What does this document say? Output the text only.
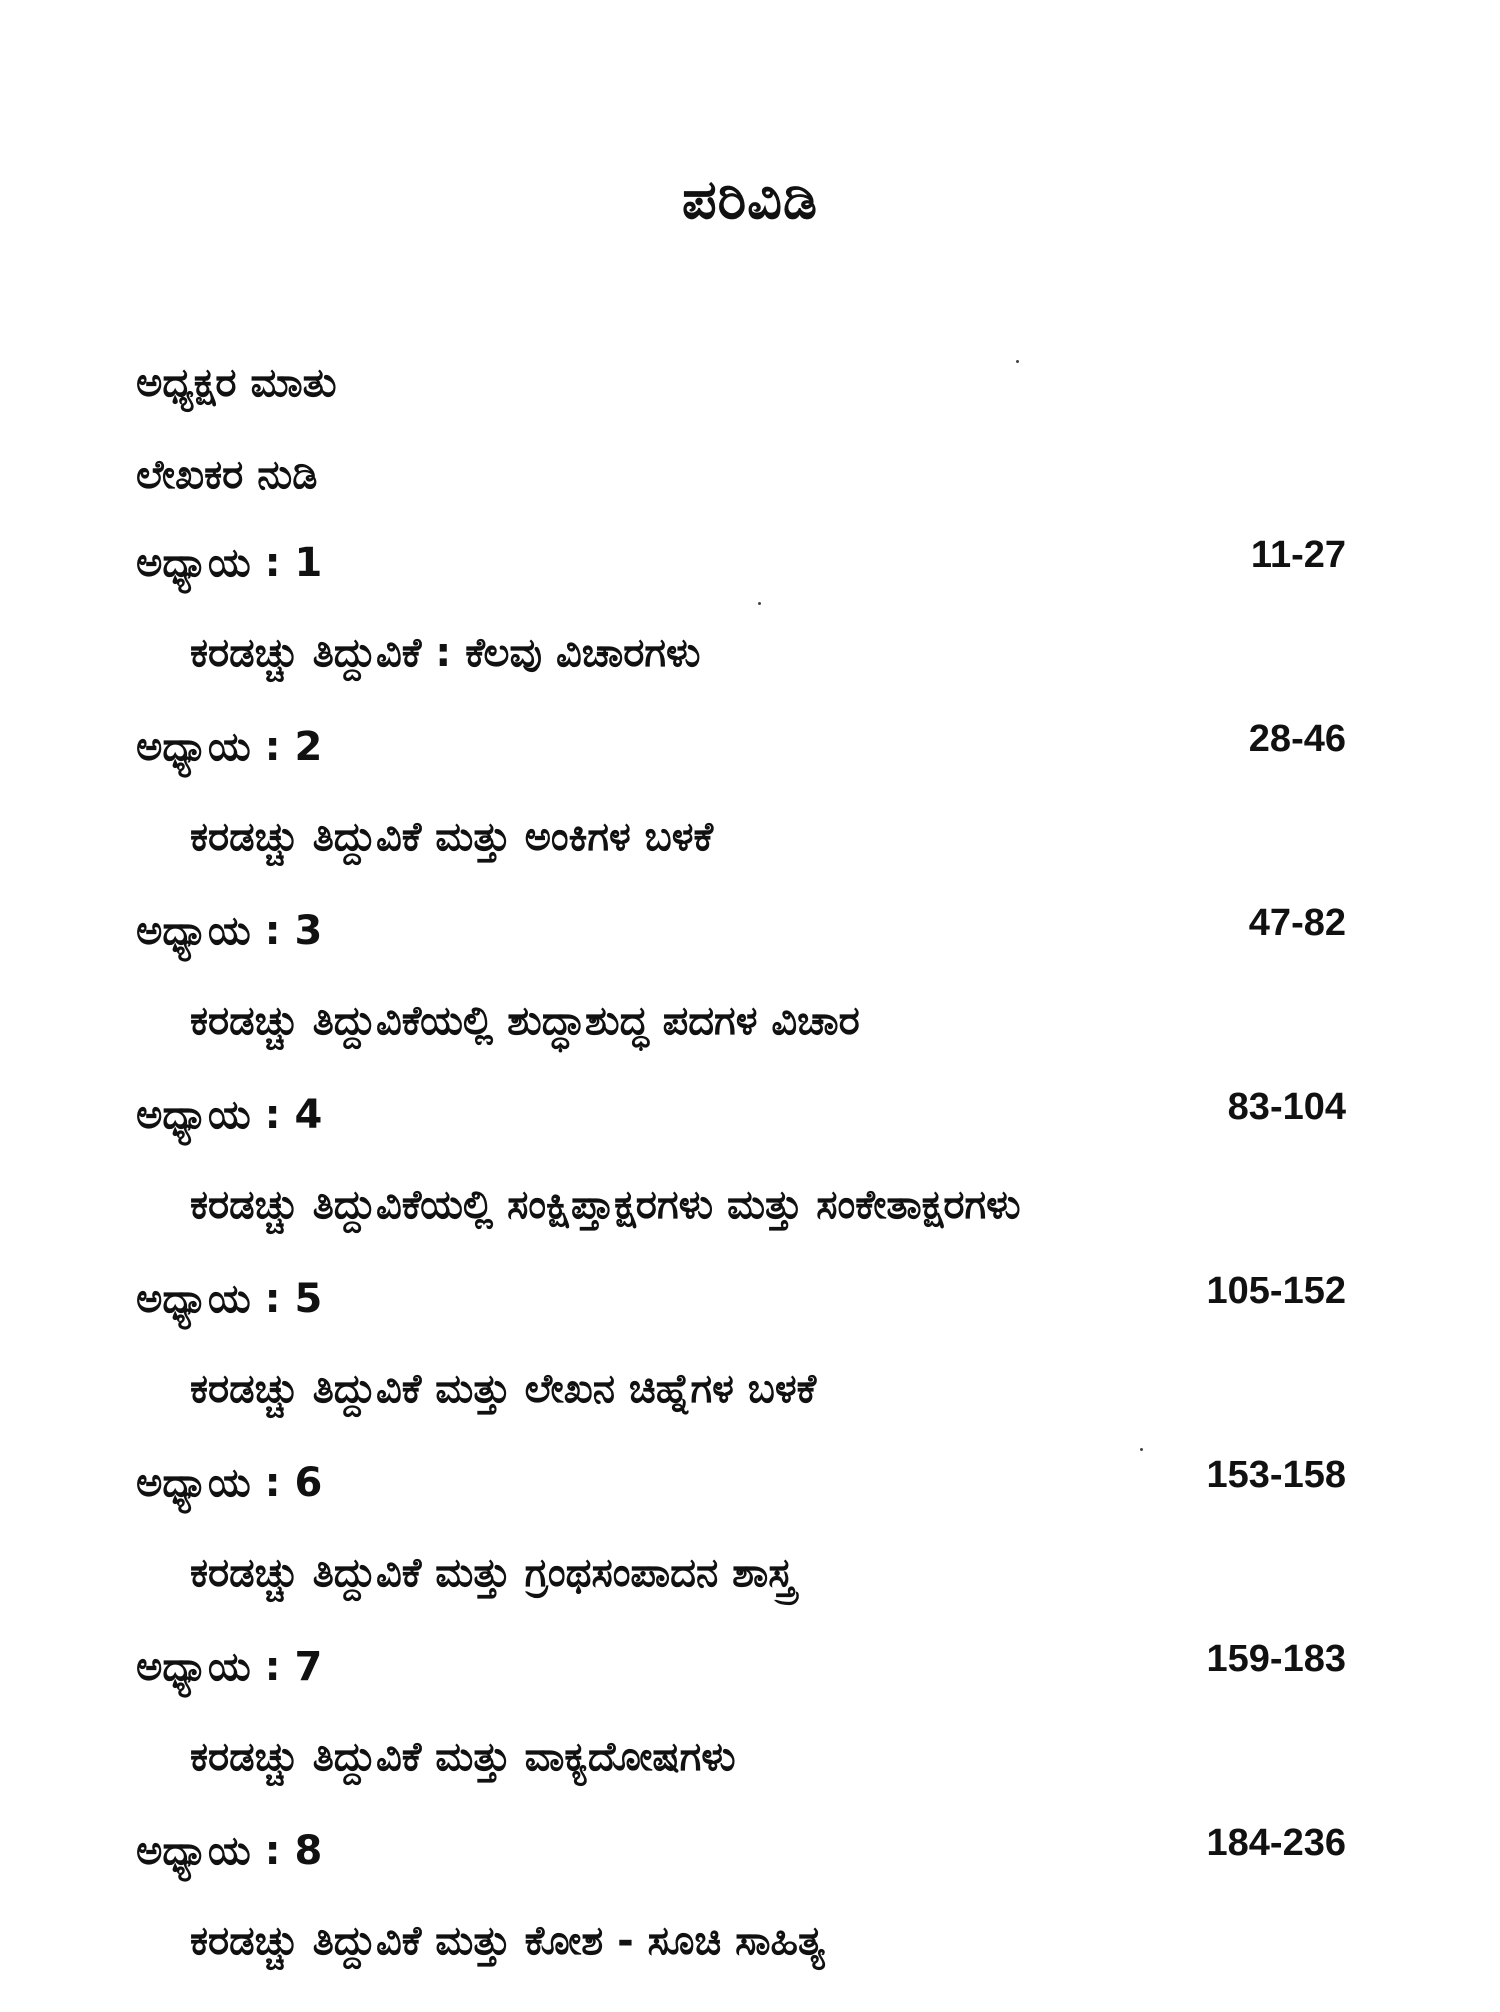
ಪರಿವಿಡಿ
ಅಧ್ಯಕ್ಷರ ಮಾತು
ಲೇಖಕರ ನುಡಿ
ಅಧ್ಯಾಯ : 1	11-27
ಕರಡಚ್ಚು ತಿದ್ದುವಿಕೆ : ಕೆಲವು ವಿಚಾರಗಳು
ಅಧ್ಯಾಯ : 2	28-46
ಕರಡಚ್ಚು ತಿದ್ದುವಿಕೆ ಮತ್ತು ಅಂಕಿಗಳ ಬಳಕೆ
ಅಧ್ಯಾಯ : 3	47-82
ಕರಡಚ್ಚು ತಿದ್ದುವಿಕೆಯಲ್ಲಿ ಶುದ್ಧಾಶುದ್ಧ ಪದಗಳ ವಿಚಾರ
ಅಧ್ಯಾಯ : 4	83-104
ಕರಡಚ್ಚು ತಿದ್ದುವಿಕೆಯಲ್ಲಿ ಸಂಕ್ಷಿಪ್ತಾಕ್ಷರಗಳು ಮತ್ತು ಸಂಕೇತಾಕ್ಷರಗಳು
ಅಧ್ಯಾಯ : 5	105-152
ಕರಡಚ್ಚು ತಿದ್ದುವಿಕೆ ಮತ್ತು ಲೇಖನ ಚಿಹ್ನೆಗಳ ಬಳಕೆ
ಅಧ್ಯಾಯ : 6	153-158
ಕರಡಚ್ಚು ತಿದ್ದುವಿಕೆ ಮತ್ತು ಗ್ರಂಥಸಂಪಾದನ ಶಾಸ್ತ್ರ
ಅಧ್ಯಾಯ : 7	159-183
ಕರಡಚ್ಚು ತಿದ್ದುವಿಕೆ ಮತ್ತು ವಾಕ್ಯದೋಷಗಳು
ಅಧ್ಯಾಯ : 8	184-236
ಕರಡಚ್ಚು ತಿದ್ದುವಿಕೆ ಮತ್ತು ಕೋಶ - ಸೂಚಿ ಸಾಹಿತ್ಯ
